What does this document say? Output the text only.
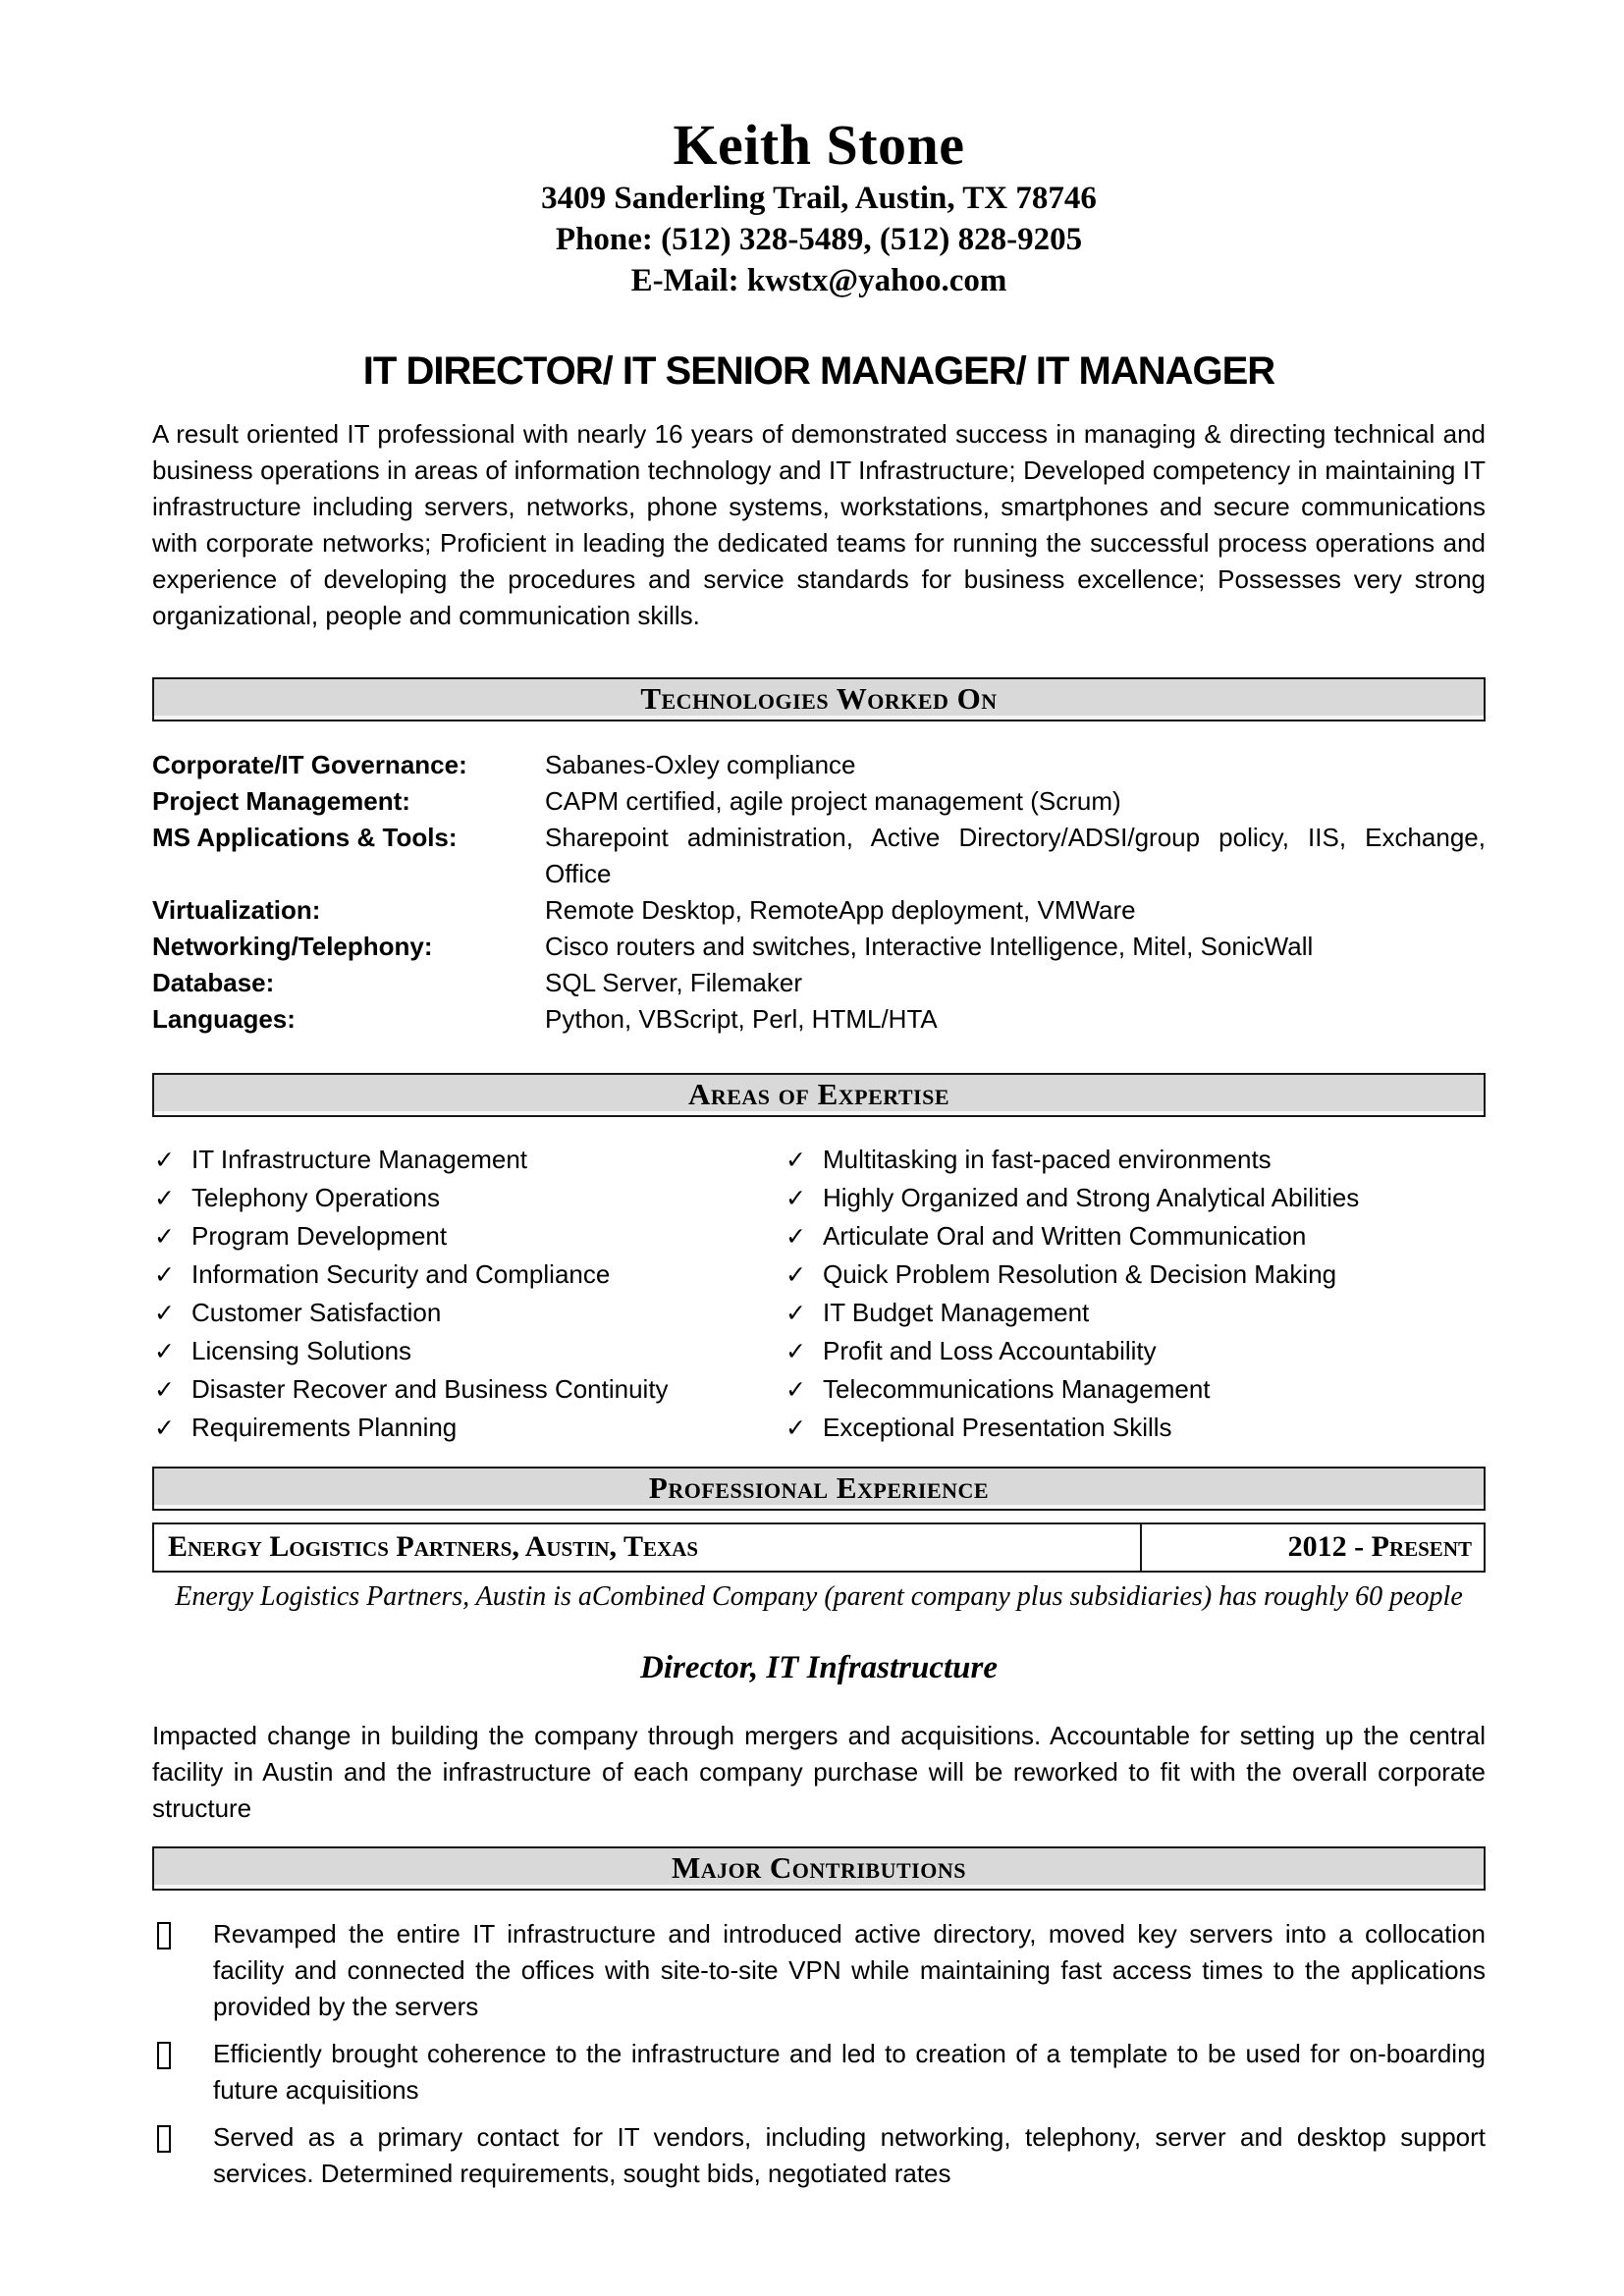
Keith Stone
3409 Sanderling Trail, Austin, TX 78746
Phone: (512) 328-5489, (512) 828-9205
E-Mail: kwstx@yahoo.com
IT DIRECTOR/ IT SENIOR MANAGER/ IT MANAGER

A result oriented IT professional with nearly 16 years of demonstrated success in managing & directing technical and business operations in areas of information technology and IT Infrastructure; Developed competency in maintaining IT infrastructure including servers, networks, phone systems, workstations, smartphones and secure communications with corporate networks; Proficient in leading the dedicated teams for running the successful process operations and experience of developing the procedures and service standards for business excellence; Possesses very strong organizational, people and communication skills.

Technologies Worked On
Corporate/IT Governance:	Sabanes-Oxley compliance
Project Management:	CAPM certified, agile project management (Scrum)
MS Applications & Tools:	Sharepoint administration, Active Directory/ADSI/group policy, IIS, Exchange, Office
Virtualization:	Remote Desktop, RemoteApp deployment, VMWare
Networking/Telephony:	Cisco routers and switches, Interactive Intelligence, Mitel, SonicWall
Database:	SQL Server, Filemaker
Languages:	Python, VBScript, Perl, HTML/HTA
Areas of Expertise
✓ IT Infrastructure Management
✓ Telephony Operations
✓ Program Development
✓ Information Security and Compliance
✓ Customer Satisfaction
✓ Licensing Solutions
✓ Disaster Recover and Business Continuity
✓ Requirements Planning
✓ Multitasking in fast-paced environments
✓ Highly Organized and Strong Analytical Abilities
✓ Articulate Oral and Written Communication
✓ Quick Problem Resolution & Decision Making
✓ IT Budget Management
✓ Profit and Loss Accountability
✓ Telecommunications Management
✓ Exceptional Presentation Skills
Professional Experience
Energy Logistics Partners, Austin, Texas	2012 - Present
Energy Logistics Partners, Austin is aCombined Company (parent company plus subsidiaries) has roughly 60 people
Director, IT Infrastructure

Impacted change in building the company through mergers and acquisitions. Accountable for setting up the central facility in Austin and the infrastructure of each company purchase will be reworked to fit with the overall corporate structure

Major Contributions
Revamped the entire IT infrastructure and introduced active directory, moved key servers into a collocation facility and connected the offices with site-to-site VPN while maintaining fast access times to the applications provided by the servers
Efficiently brought coherence to the infrastructure and led to creation of a template to be used for on-boarding future acquisitions
Served as a primary contact for IT vendors, including networking, telephony, server and desktop support services. Determined requirements, sought bids, negotiated rates
